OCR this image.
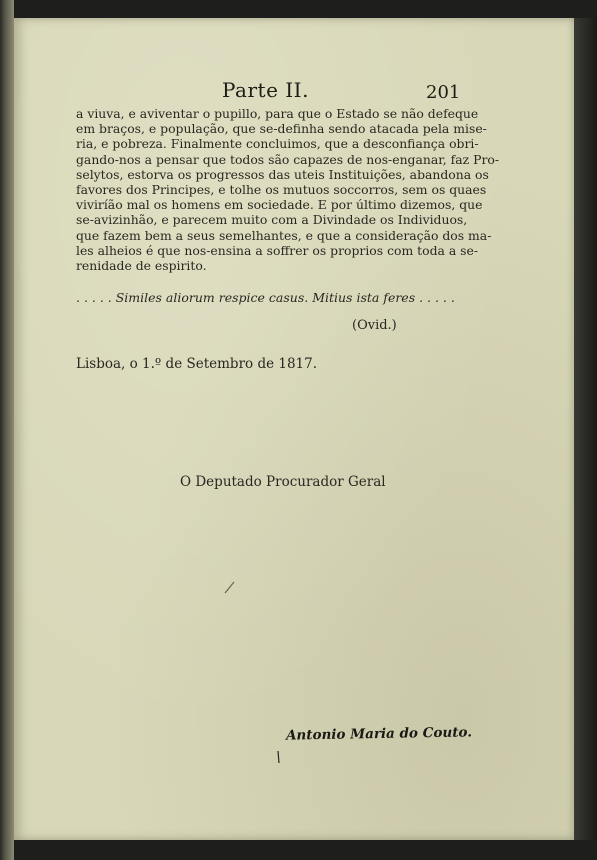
Parte II.	201

a viuva, e aviventar o pupillo, para que o Estado se não defeque
em braços, e população, que se-definha sendo atacada pela mise-
ria, e pobreza. Finalmente concluimos, que a desconfiança obri-
gando-nos a pensar que todos são capazes de nos-enganar, faz Pro-
selytos, estorva os progressos das uteis Instituições, abandona os
favores dos Principes, e tolhe os mutuos soccorros, sem os quaes
viviríão mal os homens em sociedade. E por último dizemos, que
se-avizinhão, e parecem muito com a Divindade os Individuos,
que fazem bem a seus semelhantes, e que a consideração dos ma-
les alheios é que nos-ensina a soffrer os proprios com toda a se-
renidade de espirito.

. . . . . Similes aliorum respice casus. Mitius ista feres . . . . .
(Ovid.)
Lisboa, o 1.º de Setembro de 1817.
O Deputado Procurador Geral
Antonio Maria do Couto.
